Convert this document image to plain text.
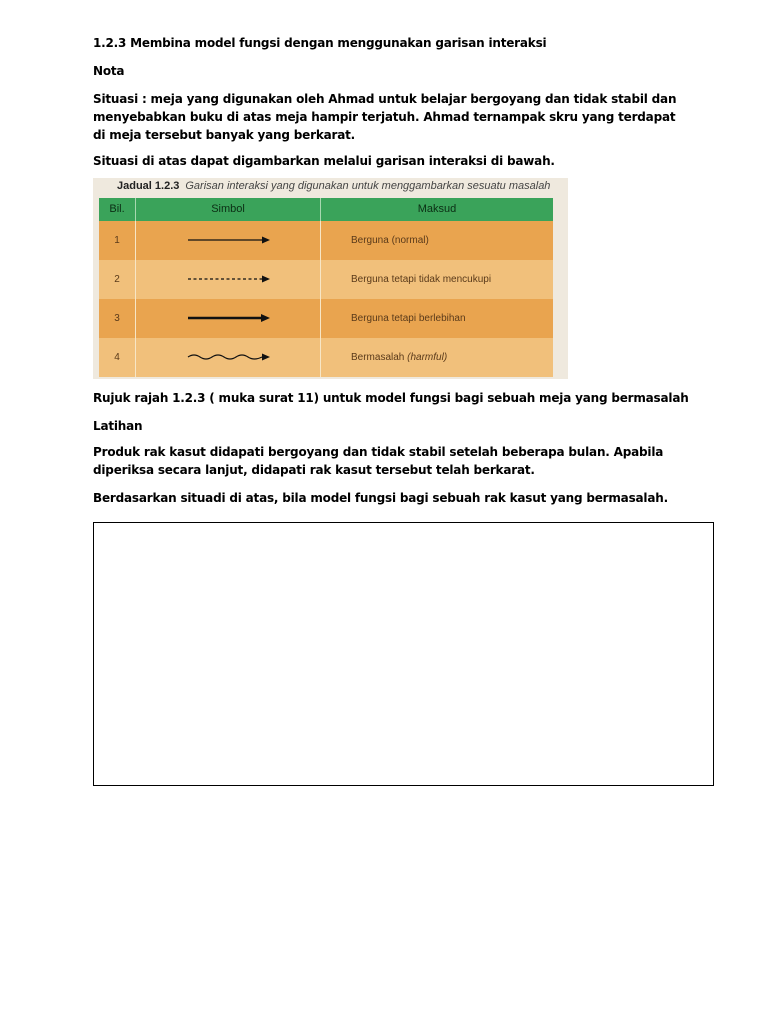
1.2.3 Membina model fungsi dengan menggunakan garisan interaksi

Nota

Situasi : meja yang digunakan oleh Ahmad untuk belajar bergoyang dan tidak stabil dan menyebabkan buku di atas meja hampir terjatuh. Ahmad ternampak skru yang terdapat di meja tersebut banyak yang berkarat.

Situasi di atas dapat digambarkan melalui garisan interaksi di bawah.

Jadual 1.2.3 Garisan interaksi yang digunakan untuk menggambarkan sesuatu masalah
Bil.	Simbol	Maksud
1		Berguna (normal)
2		Berguna tetapi tidak mencukupi
3		Berguna tetapi berlebihan
4		Bermasalah (harmful)

Rujuk rajah 1.2.3 ( muka surat 11) untuk model fungsi bagi sebuah meja yang bermasalah

Latihan

Produk rak kasut didapati bergoyang dan tidak stabil setelah beberapa bulan. Apabila diperiksa secara lanjut, didapati rak kasut tersebut telah berkarat.

Berdasarkan situadi di atas, bila model fungsi bagi sebuah rak kasut yang bermasalah.
